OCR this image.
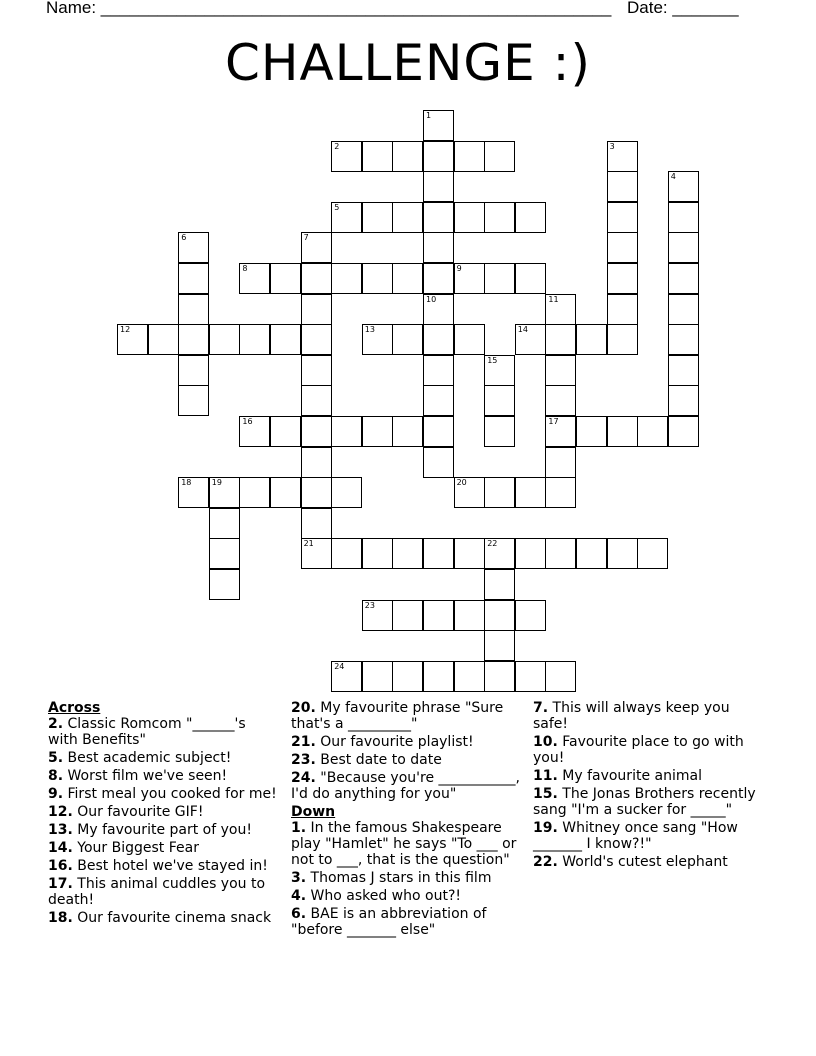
Name: ______________________________________________________ Date: _______
CHALLENGE :)
1
10
2	3
4
5
6	7
8	9
11
17
12	13	14
15
16
18	19	20
21	22
23
24
Across
2. Classic Romcom "______'s with Benefits"
5. Best academic subject!
8. Worst film we've seen!
9. First meal you cooked for me!
12. Our favourite GIF!
13. My favourite part of you!
14. Your Biggest Fear
16. Best hotel we've stayed in!
17. This animal cuddles you to death!
18. Our favourite cinema snack
20. My favourite phrase "Sure that's a _________"
21. Our favourite playlist!
23. Best date to date
24. "Because you're ___________, I'd do anything for you"
Down
1. In the famous Shakespeare play "Hamlet" he says "To ___ or not to ___, that is the question"
3. Thomas J stars in this film
4. Who asked who out?!
6. BAE is an abbreviation of "before _______ else"
7. This will always keep you safe!
10. Favourite place to go with you!
11. My favourite animal
15. The Jonas Brothers recently sang "I'm a sucker for _____"
19. Whitney once sang "How _______ I know?!"
22. World's cutest elephant
